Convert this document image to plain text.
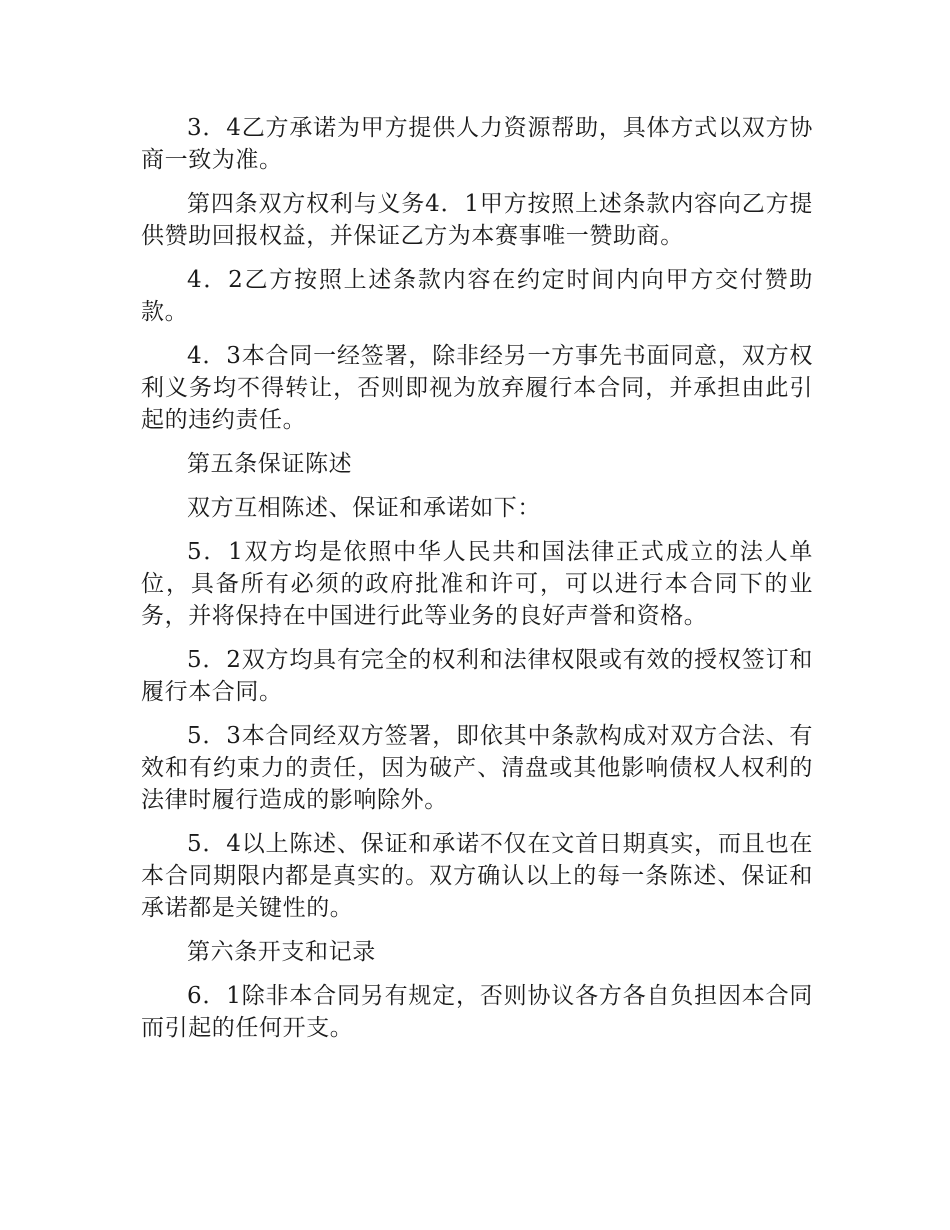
3．4乙方承诺为甲方提供人力资源帮助，具体方式以双方协商一致为准。

第四条双方权利与义务4．1甲方按照上述条款内容向乙方提供赞助回报权益，并保证乙方为本赛事唯一赞助商。

4．2乙方按照上述条款内容在约定时间内向甲方交付赞助款。

4．3本合同一经签署，除非经另一方事先书面同意，双方权利义务均不得转让，否则即视为放弃履行本合同，并承担由此引起的违约责任。

第五条保证陈述

双方互相陈述、保证和承诺如下：

5．1双方均是依照中华人民共和国法律正式成立的法人单位，具备所有必须的政府批准和许可，可以进行本合同下的业务，并将保持在中国进行此等业务的良好声誉和资格。

5．2双方均具有完全的权利和法律权限或有效的授权签订和履行本合同。

5．3本合同经双方签署，即依其中条款构成对双方合法、有效和有约束力的责任，因为破产、清盘或其他影响债权人权利的法律时履行造成的影响除外。

5．4以上陈述、保证和承诺不仅在文首日期真实，而且也在本合同期限内都是真实的。双方确认以上的每一条陈述、保证和承诺都是关键性的。

第六条开支和记录

6．1除非本合同另有规定，否则协议各方各自负担因本合同而引起的任何开支。
